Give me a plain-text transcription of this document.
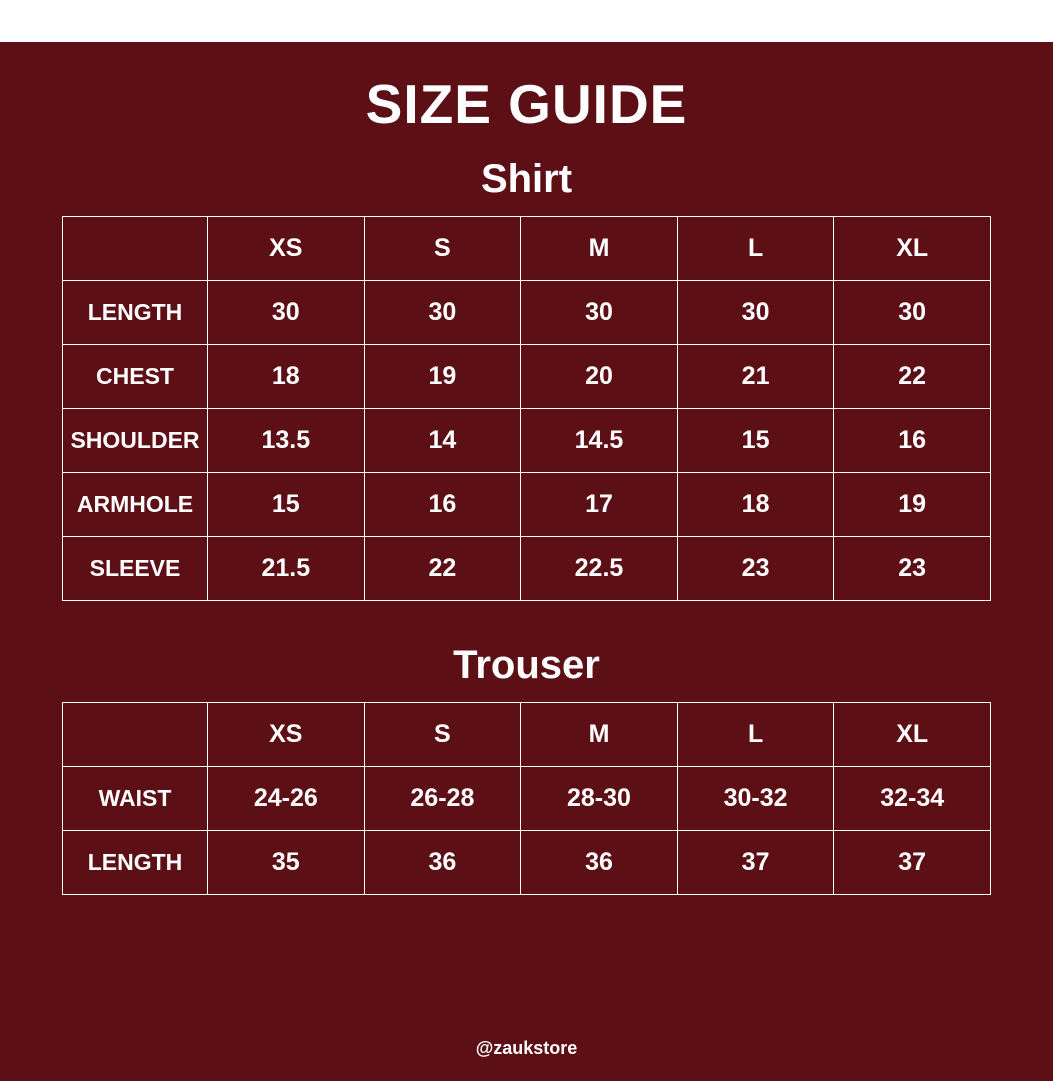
SIZE GUIDE
Shirt
	XS	S	M	L	XL
LENGTH	30	30	30	30	30
CHEST	18	19	20	21	22
SHOULDER	13.5	14	14.5	15	16
ARMHOLE	15	16	17	18	19
SLEEVE	21.5	22	22.5	23	23
Trouser
	XS	S	M	L	XL
WAIST	24-26	26-28	28-30	30-32	32-34
LENGTH	35	36	36	37	37
@zaukstore
